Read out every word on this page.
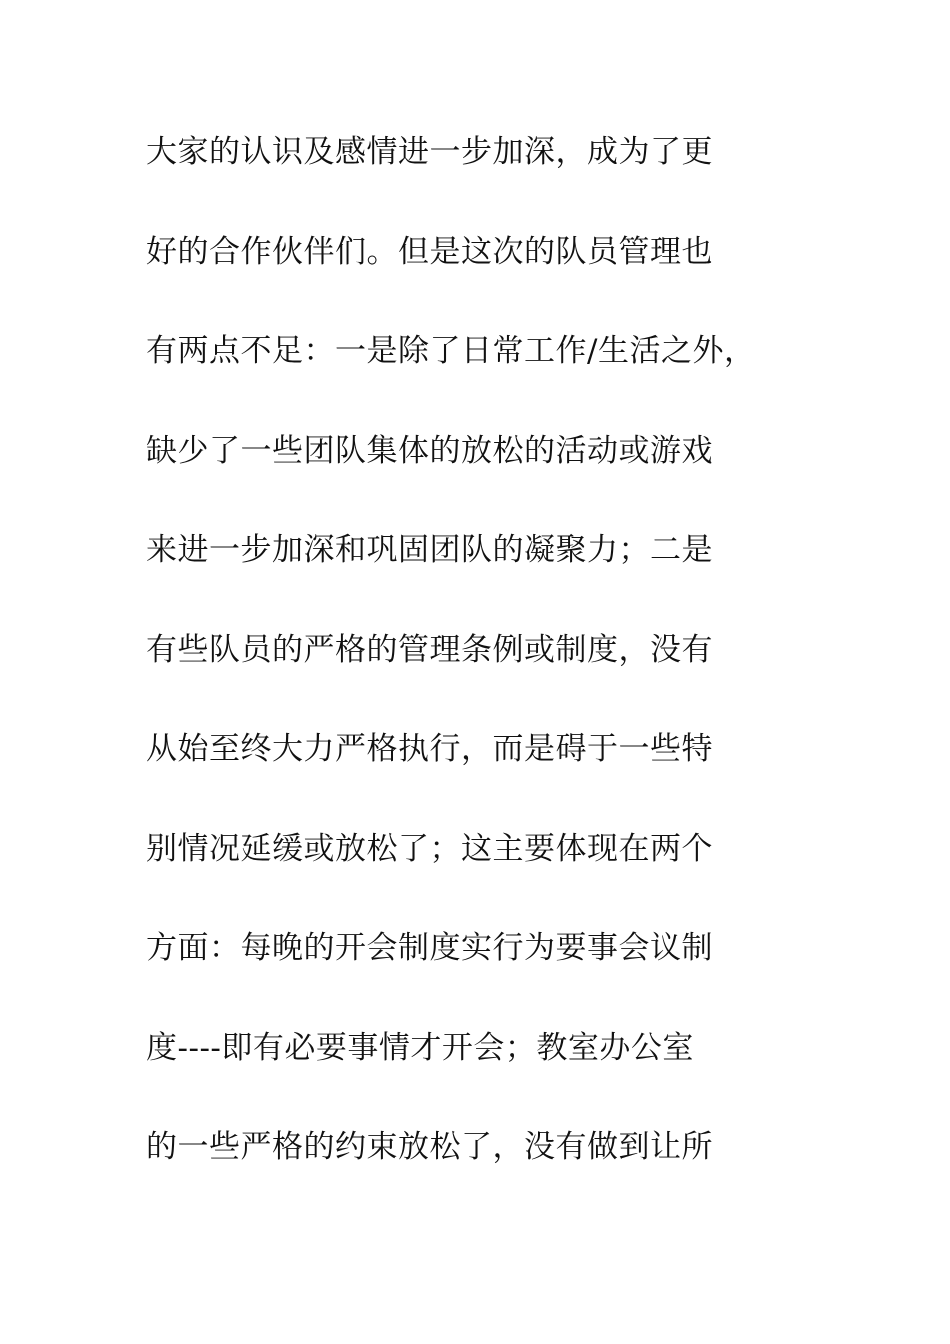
大家的认识及感情进一步加深，成为了更
好的合作伙伴们。但是这次的队员管理也
有两点不足：一是除了日常工作/生活之外，
缺少了一些团队集体的放松的活动或游戏
来进一步加深和巩固团队的凝聚力；二是
有些队员的严格的管理条例或制度，没有
从始至终大力严格执行，而是碍于一些特
别情况延缓或放松了；这主要体现在两个
方面：每晚的开会制度实行为要事会议制
度----即有必要事情才开会；教室办公室
的一些严格的约束放松了，没有做到让所
